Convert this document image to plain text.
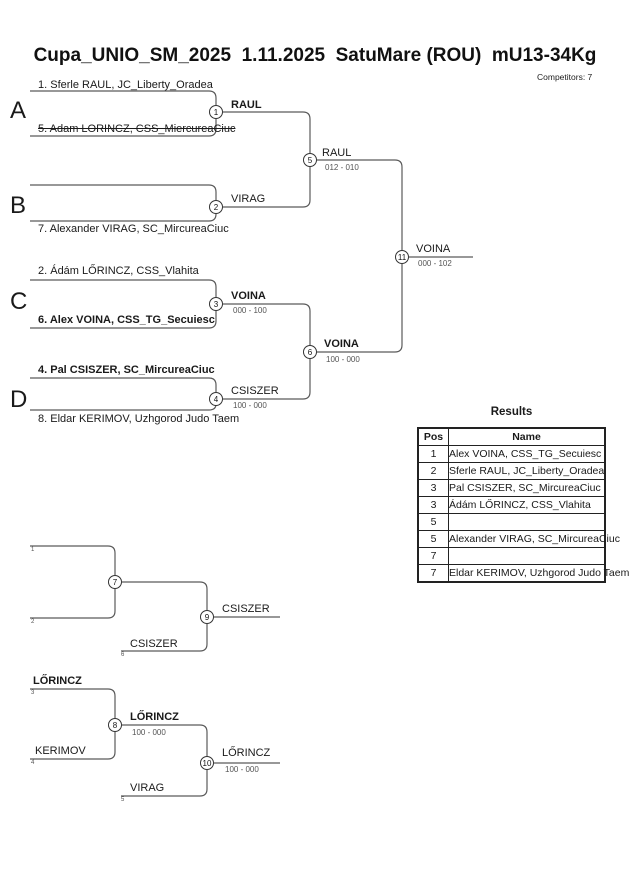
Cupa_UNIO_SM_2025  1.11.2025  SatuMare (ROU)  mU13-34Kg
Competitors: 7
A
B
C
D
1. Sferle RAUL, JC_Liberty_Oradea
5. Adam LORINCZ, CSS_MiercureaCiuc
7. Alexander VIRAG, SC_MircureaCiuc
2. Ádám LŐRINCZ, CSS_Vlahita
6. Alex VOINA, CSS_TG_Secuiesc
4. Pal CSISZER, SC_MircureaCiuc
8. Eldar KERIMOV, Uzhgorod Judo Taem
1
2
3
4
5
6
11
7
9
8
10
RAUL
VIRAG
VOINA
000 - 100
CSISZER
100 - 000
RAUL
012 - 010
VOINA
100 - 000
VOINA
000 - 102
1
2
6
3
4
5
CSISZER
CSISZER
LŐRINCZ
KERIMOV
LŐRINCZ
100 - 000
VIRAG
LŐRINCZ
100 - 000
Results
Pos	Name
1	Alex VOINA, CSS_TG_Secuiesc
2	Sferle RAUL, JC_Liberty_Oradea
3	Pal CSISZER, SC_MircureaCiuc
3	Ádám LŐRINCZ, CSS_Vlahita
5	
5	Alexander VIRAG, SC_MircureaCiuc
7	
7	Eldar KERIMOV, Uzhgorod Judo Taem
